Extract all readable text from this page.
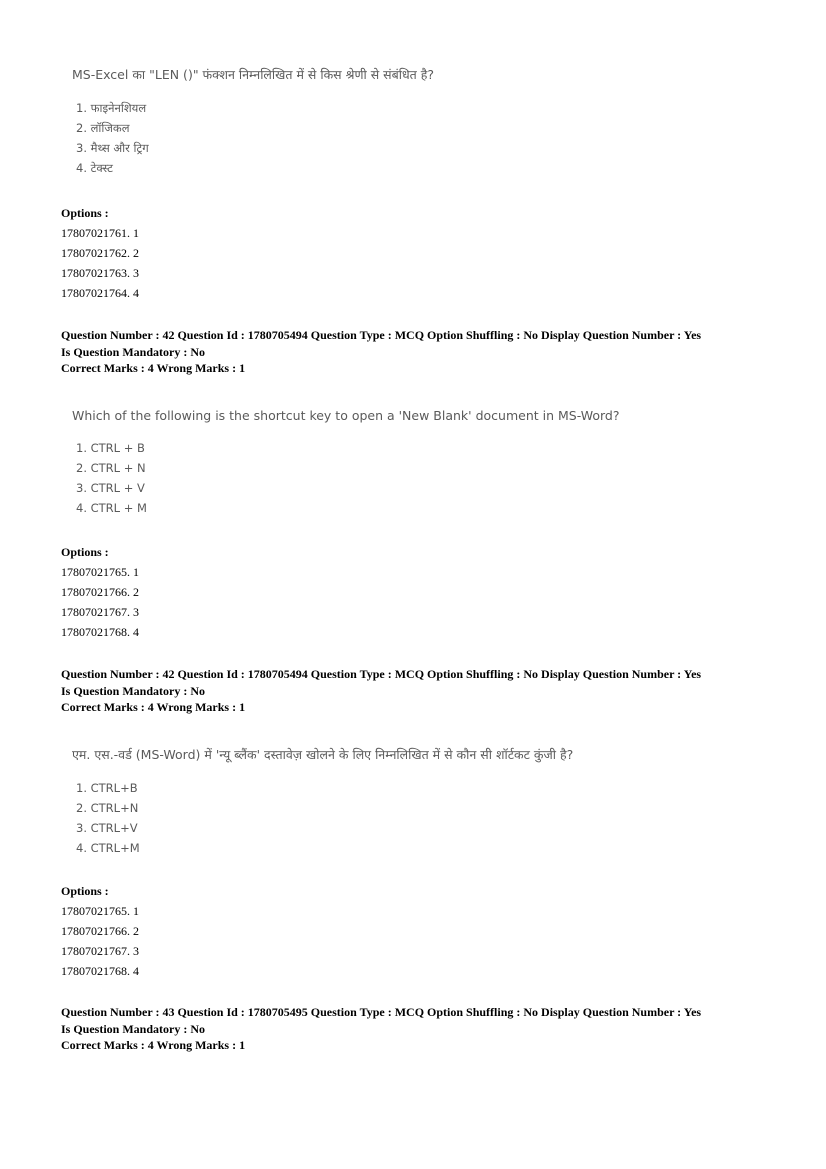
MS-Excel का "LEN ()" फंक्शन निम्नलिखित में से किस श्रेणी से संबंधित है?

1. फाइनेनशियल
2. लॉजिकल
3. मैथ्स और ट्रिग
4. टेक्स्ट
Options :
17807021761. 1
17807021762. 2
17807021763. 3
17807021764. 4
Question Number : 42 Question Id : 1780705494 Question Type : MCQ Option Shuffling : No Display Question Number : Yes
Is Question Mandatory : No
Correct Marks : 4 Wrong Marks : 1

Which of the following is the shortcut key to open a 'New Blank' document in MS-Word?

1. CTRL + B
2. CTRL + N
3. CTRL + V
4. CTRL + M
Options :
17807021765. 1
17807021766. 2
17807021767. 3
17807021768. 4
Question Number : 42 Question Id : 1780705494 Question Type : MCQ Option Shuffling : No Display Question Number : Yes
Is Question Mandatory : No
Correct Marks : 4 Wrong Marks : 1

एम. एस.-वर्ड (MS-Word) में 'न्यू ब्लैंक' दस्तावेज़ खोलने के लिए निम्नलिखित में से कौन सी शॉर्टकट कुंजी है?

1. CTRL+B
2. CTRL+N
3. CTRL+V
4. CTRL+M
Options :
17807021765. 1
17807021766. 2
17807021767. 3
17807021768. 4
Question Number : 43 Question Id : 1780705495 Question Type : MCQ Option Shuffling : No Display Question Number : Yes
Is Question Mandatory : No
Correct Marks : 4 Wrong Marks : 1
